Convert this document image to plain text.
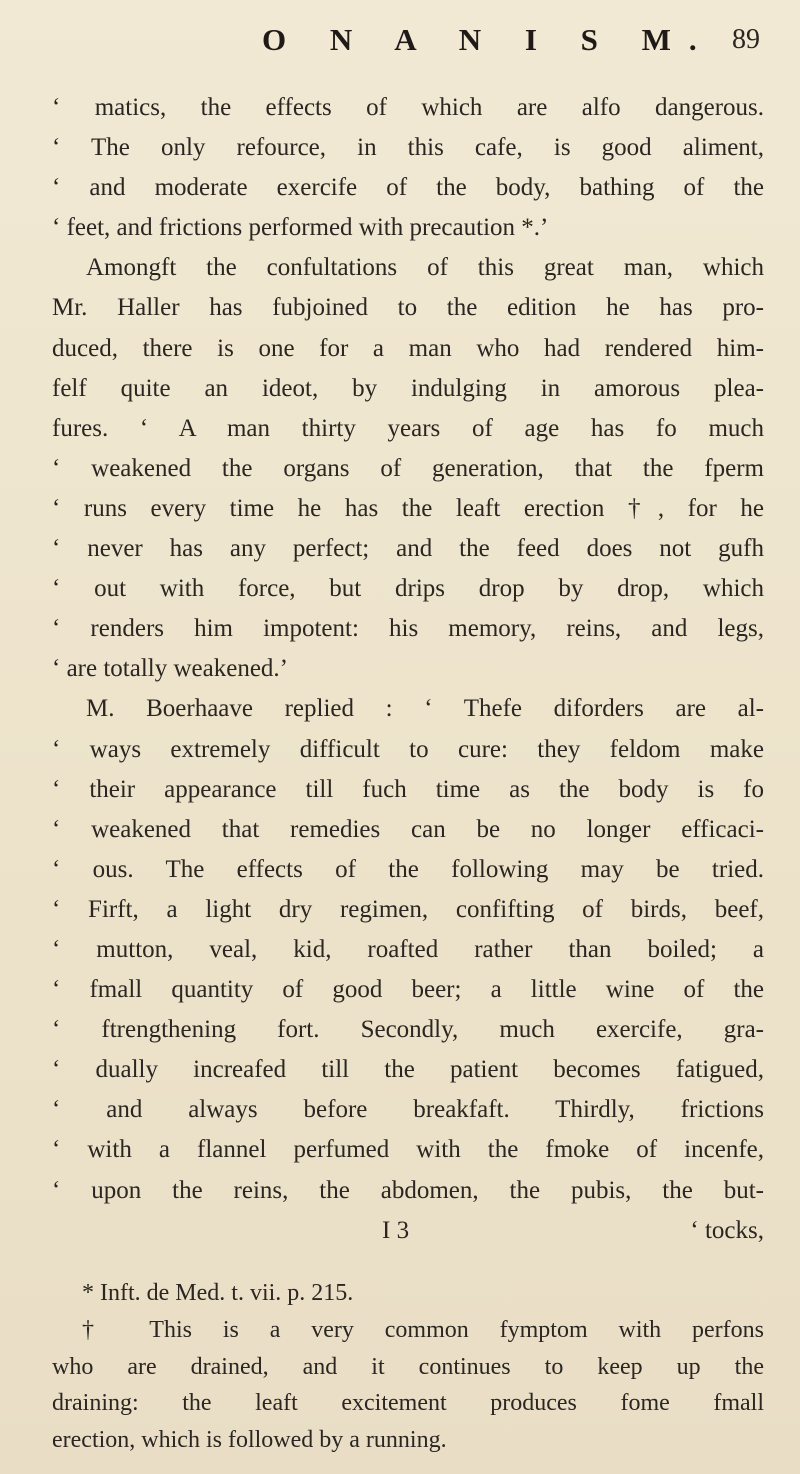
O N A N I S M. 89
‘ matics, the effects of which are alfo dangerous.
‘ The only refource, in this cafe, is good aliment,
‘ and moderate exercife of the body, bathing of the
‘ feet, and frictions performed with precaution *.’
Amongft the confultations of this great man, which
Mr. Haller has fubjoined to the edition he has pro-
duced, there is one for a man who had rendered him-
felf quite an ideot, by indulging in amorous plea-
fures. ‘ A man thirty years of age has fo much
‘ weakened the organs of generation, that the fperm
‘ runs every time he has the leaft erection †, for he
‘ never has any perfect; and the feed does not gufh
‘ out with force, but drips drop by drop, which
‘ renders him impotent: his memory, reins, and legs,
‘ are totally weakened.’
M. Boerhaave replied : ‘ Thefe diforders are al-
‘ ways extremely difficult to cure: they feldom make
‘ their appearance till fuch time as the body is fo
‘ weakened that remedies can be no longer efficaci-
‘ ous. The effects of the following may be tried.
‘ Firft, a light dry regimen, confifting of birds, beef,
‘ mutton, veal, kid, roafted rather than boiled; a
‘ fmall quantity of good beer; a little wine of the
‘ ftrengthening fort. Secondly, much exercife, gra-
‘ dually increafed till the patient becomes fatigued,
‘ and always before breakfaft. Thirdly, frictions
‘ with a flannel perfumed with the fmoke of incenfe,
‘ upon the reins, the abdomen, the pubis, the but-
I 3	‘ tocks,
* Inft. de Med. t. vii. p. 215.
† This is a very common fymptom with perfons
who are drained, and it continues to keep up the
draining: the leaft excitement produces fome fmall
erection, which is followed by a running.
